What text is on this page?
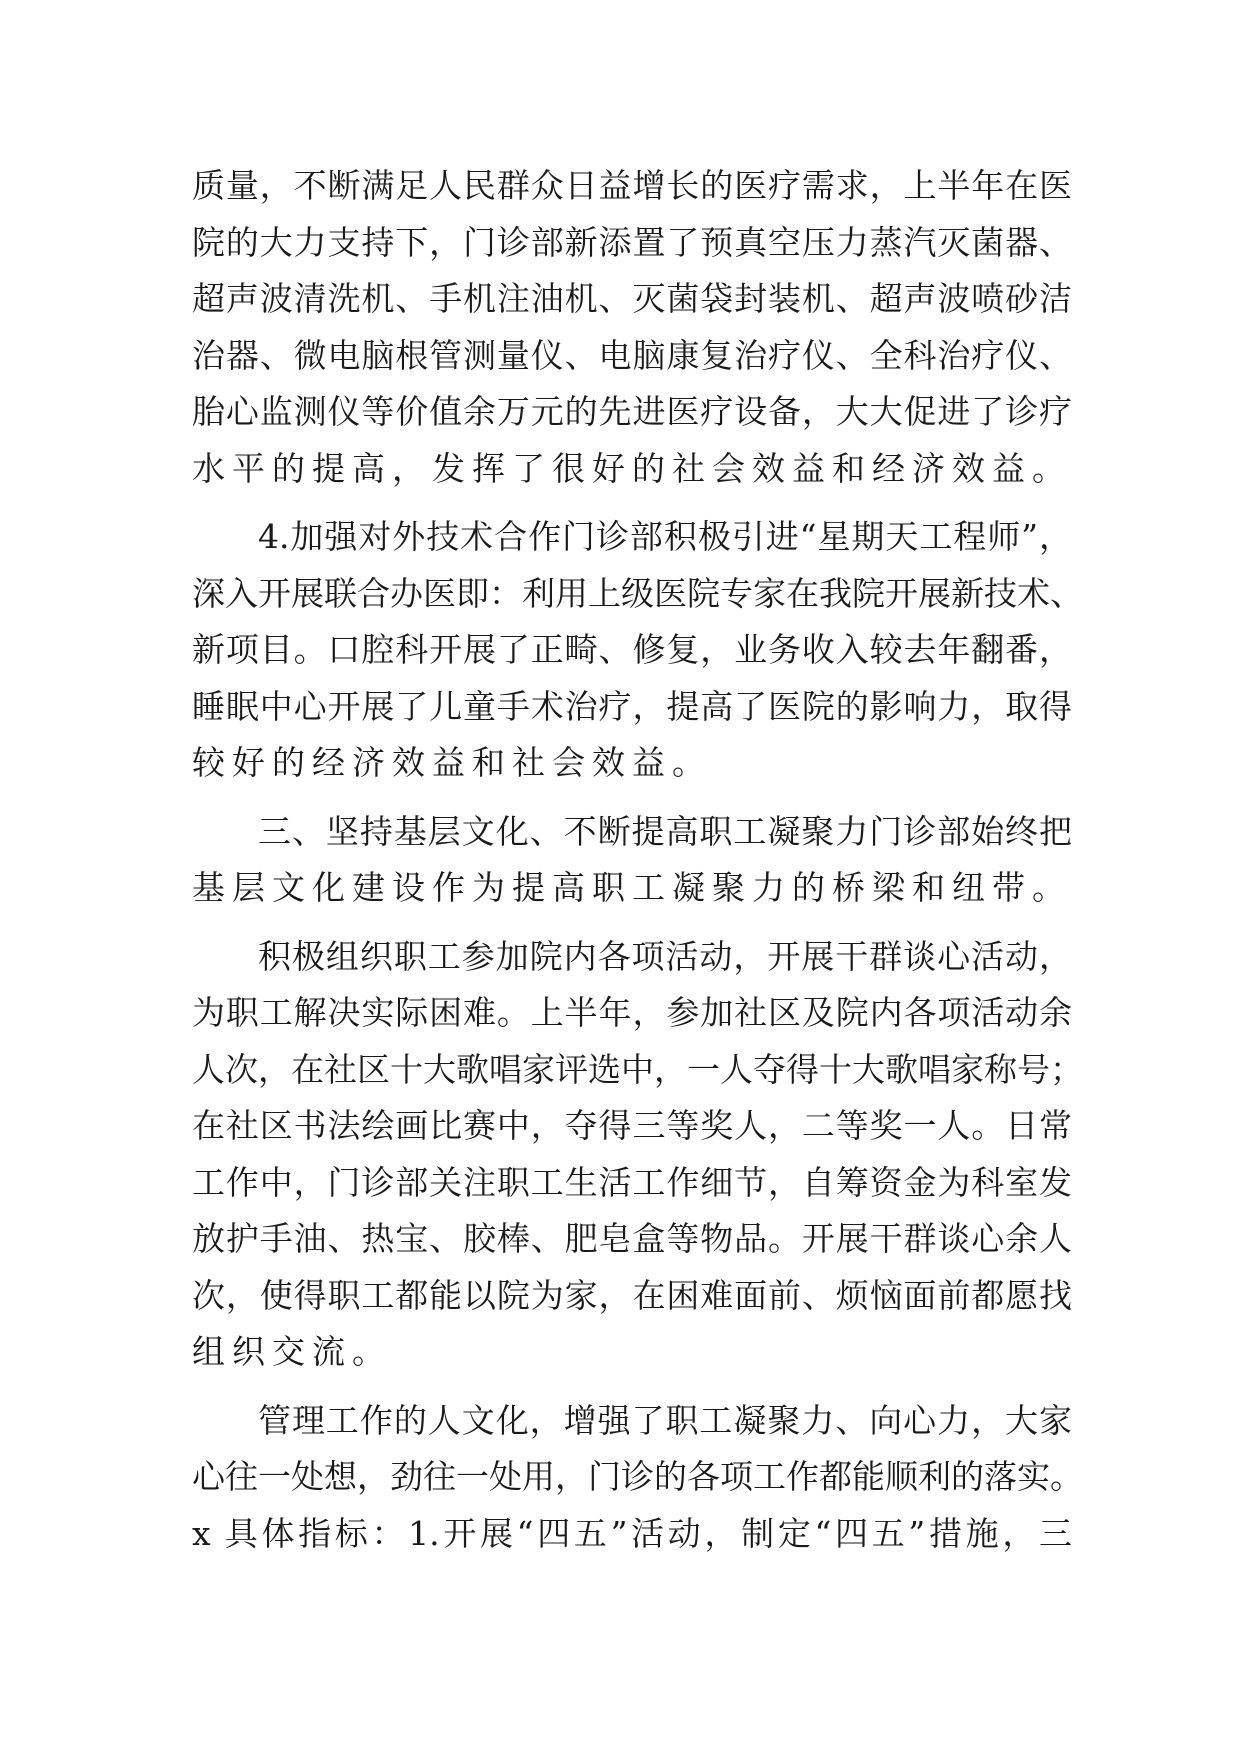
质量，不断满足人民群众日益增长的医疗需求，上半年在医
院的大力支持下，门诊部新添置了预真空压力蒸汽灭菌器、
超声波清洗机、手机注油机、灭菌袋封装机、超声波喷砂洁
治器、微电脑根管测量仪、电脑康复治疗仪、全科治疗仪、
胎心监测仪等价值余万元的先进医疗设备，大大促进了诊疗
水平的提高，发挥了很好的社会效益和经济效益。
4.加强对外技术合作门诊部积极引进“星期天工程师”，
深入开展联合办医即：利用上级医院专家在我院开展新技术、
新项目。口腔科开展了正畸、修复，业务收入较去年翻番，
睡眠中心开展了儿童手术治疗，提高了医院的影响力，取得
较好的经济效益和社会效益。
三、坚持基层文化、不断提高职工凝聚力门诊部始终把
基层文化建设作为提高职工凝聚力的桥梁和纽带。
积极组织职工参加院内各项活动，开展干群谈心活动，
为职工解决实际困难。上半年，参加社区及院内各项活动余
人次，在社区十大歌唱家评选中，一人夺得十大歌唱家称号；
在社区书法绘画比赛中，夺得三等奖人，二等奖一人。日常
工作中，门诊部关注职工生活工作细节，自筹资金为科室发
放护手油、热宝、胶棒、肥皂盒等物品。开展干群谈心余人
次，使得职工都能以院为家，在困难面前、烦恼面前都愿找
组织交流。
管理工作的人文化，增强了职工凝聚力、向心力，大家
心往一处想，劲往一处用，门诊的各项工作都能顺利的落实。
x 具体指标：1.开展“四五”活动，制定“四五”措施，三
